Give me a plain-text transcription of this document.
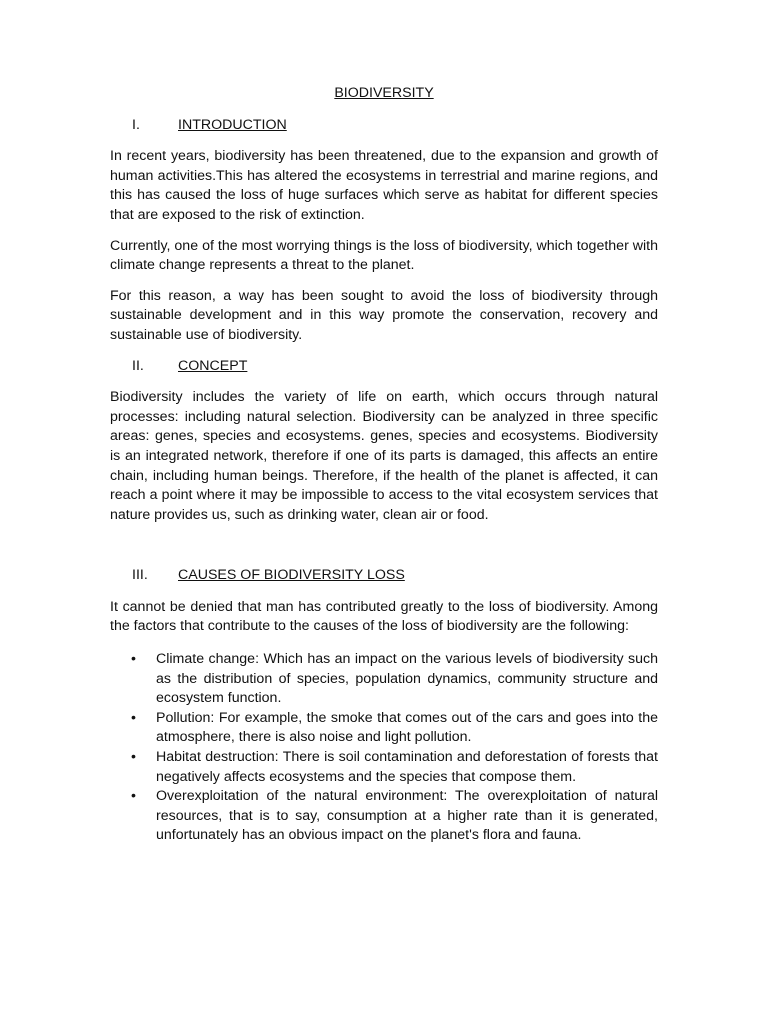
BIODIVERSITY
I.	INTRODUCTION

In recent years, biodiversity has been threatened, due to the expansion and growth of human activities.This has altered the ecosystems in terrestrial and marine regions, and this has caused the loss of huge surfaces which serve as habitat for different species that are exposed to the risk of extinction.

Currently, one of the most worrying things is the loss of biodiversity, which together with climate change represents a threat to the planet.

For this reason, a way has been sought to avoid the loss of biodiversity through sustainable development and in this way promote the conservation, recovery and sustainable use of biodiversity.

II.	CONCEPT

Biodiversity includes the variety of life on earth, which occurs through natural processes: including natural selection. Biodiversity can be analyzed in three specific areas: genes, species and ecosystems. genes, species and ecosystems. Biodiversity is an integrated network, therefore if one of its parts is damaged, this affects an entire chain, including human beings. Therefore, if the health of the planet is affected, it can reach a point where it may be impossible to access to the vital ecosystem services that nature provides us, such as drinking water, clean air or food.

III.	CAUSES OF BIODIVERSITY LOSS

It cannot be denied that man has contributed greatly to the loss of biodiversity. Among the factors that contribute to the causes of the loss of biodiversity are the following:

• Climate change: Which has an impact on the various levels of biodiversity such as the distribution of species, population dynamics, community structure and ecosystem function.
• Pollution: For example, the smoke that comes out of the cars and goes into the atmosphere, there is also noise and light pollution.
• Habitat destruction: There is soil contamination and deforestation of forests that negatively affects ecosystems and the species that compose them.
• Overexploitation of the natural environment: The overexploitation of natural resources, that is to say, consumption at a higher rate than it is generated, unfortunately has an obvious impact on the planet's flora and fauna.
